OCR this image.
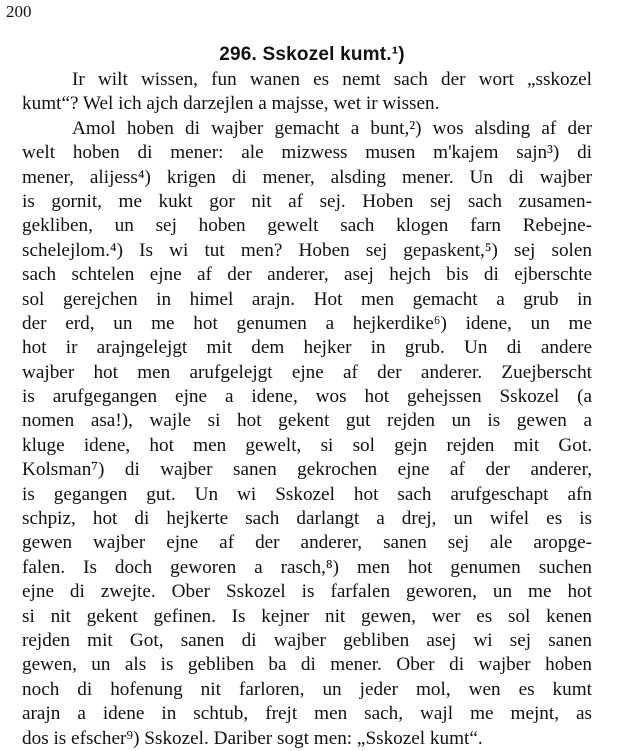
200
296. Sskozel kumt.¹)
Ir wilt wissen, fun wanen es nemt sach der wort „sskozel
kumt“? Wel ich ajch darzejlen a majsse, wet ir wissen.
Amol hoben di wajber gemacht a bunt,²) wos alsding af der
welt hoben di mener: ale mizwess musen m'kajem sajn³) di
mener, alijess⁴) krigen di mener, alsding mener. Un di wajber
is gornit, me kukt gor nit af sej. Hoben sej sach zusamen-
gekliben, un sej hoben gewelt sach klogen farn Rebejne-
schelejlom.⁴) Is wi tut men? Hoben sej gepaskent,⁵) sej solen
sach schtelen ejne af der anderer, asej hejch bis di ejberschte
sol gerejchen in himel arajn. Hot men gemacht a grub in
der erd, un me hot genumen a hejkerdike⁶) idene, un me
hot ir arajngelejgt mit dem hejker in grub. Un di andere
wajber hot men arufgelejgt ejne af der anderer. Zuejberscht
is arufgegangen ejne a idene, wos hot gehejssen Sskozel (a
nomen asa!), wajle si hot gekent gut rejden un is gewen a
kluge idene, hot men gewelt, si sol gejn rejden mit Got.
Kolsman⁷) di wajber sanen gekrochen ejne af der anderer,
is gegangen gut. Un wi Sskozel hot sach arufgeschapt afn
schpiz, hot di hejkerte sach darlangt a drej, un wifel es is
gewen wajber ejne af der anderer, sanen sej ale aropge-
falen. Is doch geworen a rasch,⁸) men hot genumen suchen
ejne di zwejte. Ober Sskozel is farfalen geworen, un me hot
si nit gekent gefinen. Is kejner nit gewen, wer es sol kenen
rejden mit Got, sanen di wajber gebliben asej wi sej sanen
gewen, un als is gebliben ba di mener. Ober di wajber hoben
noch di hofenung nit farloren, un jeder mol, wen es kumt
arajn a idene in schtub, frejt men sach, wajl me mejnt, as
dos is efscher⁹) Sskozel. Dariber sogt men: „Sskozel kumt“.
